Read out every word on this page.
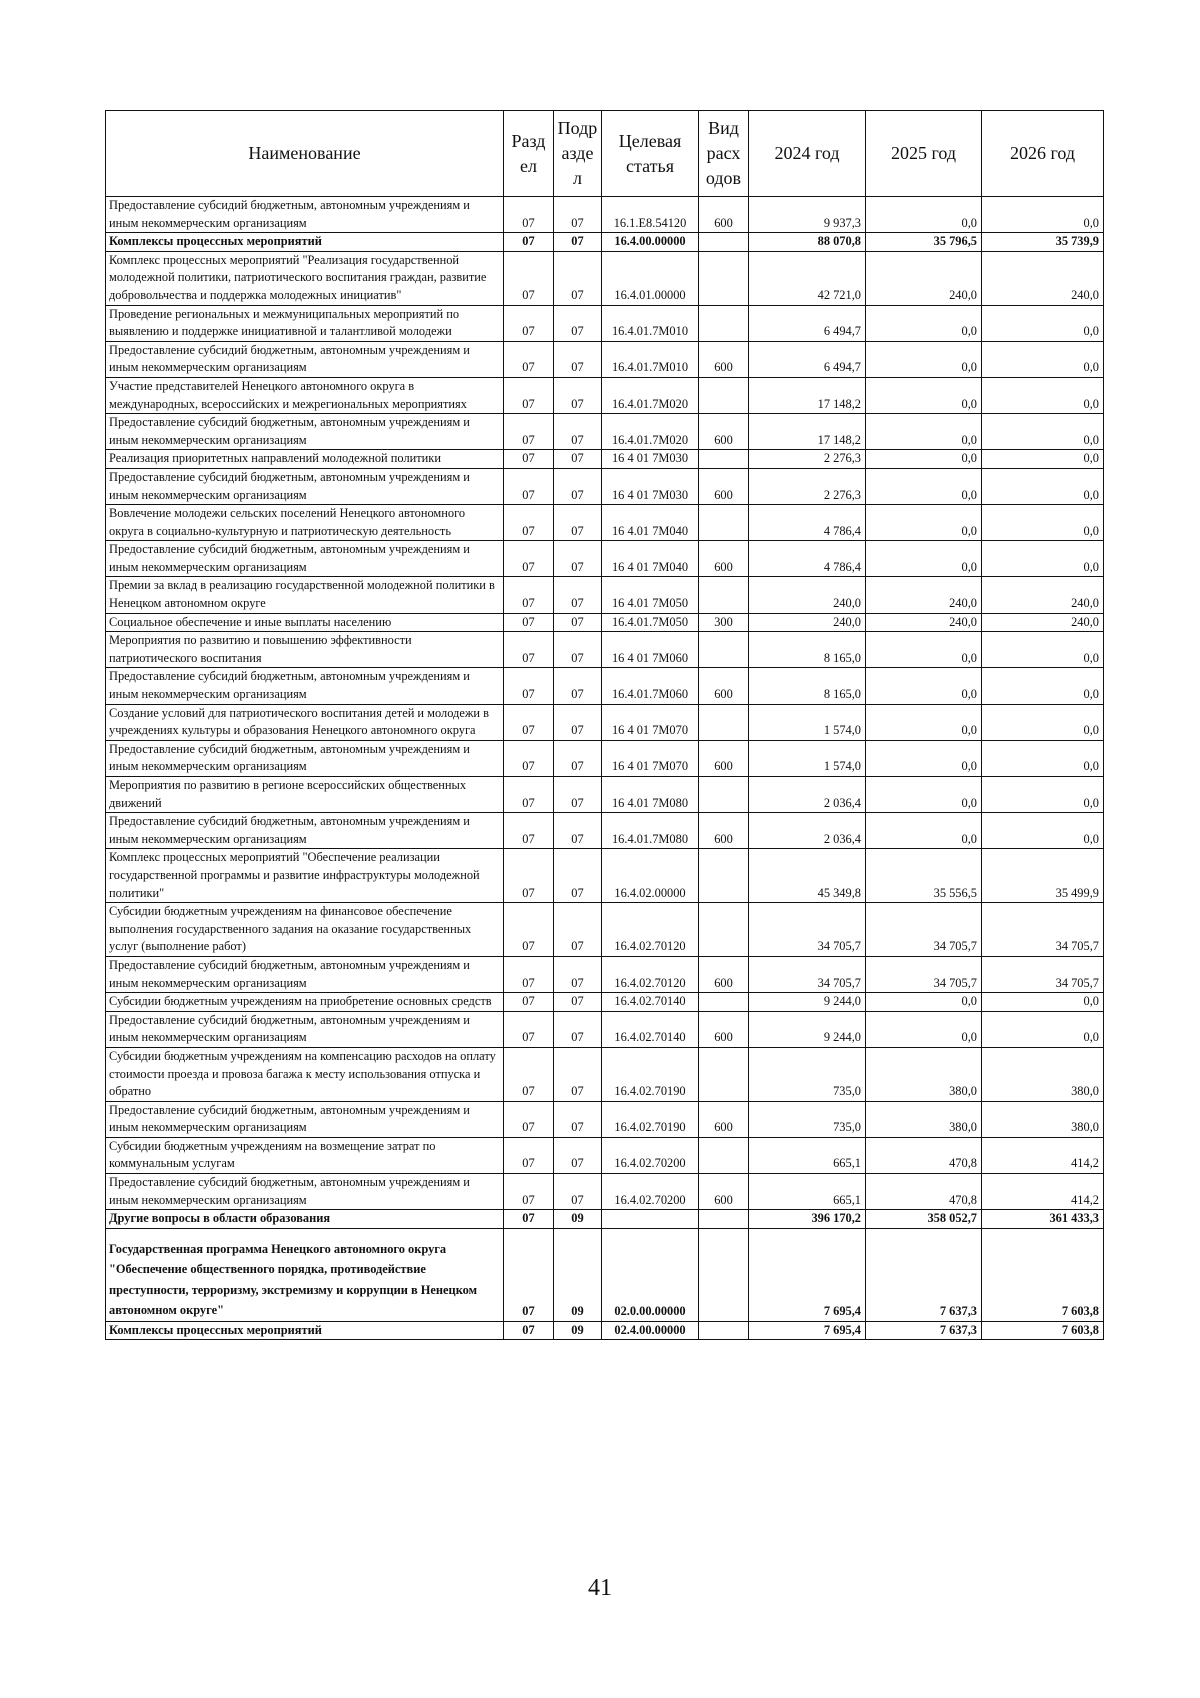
Наименование	Разд ел	Подр азде л	Целевая статья	Вид расх одов	2024 год	2025 год	2026 год
Предоставление субсидий бюджетным, автономным учреждениям и иным некоммерческим организациям	07	07	16.1.E8.54120	600	9 937,3	0,0	0,0
Комплексы процессных мероприятий	07	07	16.4.00.00000		88 070,8	35 796,5	35 739,9
Комплекс процессных мероприятий "Реализация государственной молодежной политики, патриотического воспитания граждан, развитие добровольчества и поддержка молодежных инициатив"	07	07	16.4.01.00000		42 721,0	240,0	240,0
Проведение региональных и межмуниципальных мероприятий по выявлению и поддержке инициативной и талантливой молодежи	07	07	16.4.01.7М010		6 494,7	0,0	0,0
Предоставление субсидий бюджетным, автономным учреждениям и иным некоммерческим организациям	07	07	16.4.01.7М010	600	6 494,7	0,0	0,0
Участие представителей Ненецкого автономного округа в международных, всероссийских и межрегиональных мероприятиях	07	07	16.4.01.7М020		17 148,2	0,0	0,0
Предоставление субсидий бюджетным, автономным учреждениям и иным некоммерческим организациям	07	07	16.4.01.7М020	600	17 148,2	0,0	0,0
Реализация приоритетных направлений молодежной политики	07	07	16 4 01 7М030		2 276,3	0,0	0,0
Предоставление субсидий бюджетным, автономным учреждениям и иным некоммерческим организациям	07	07	16 4 01 7М030	600	2 276,3	0,0	0,0
Вовлечение молодежи сельских поселений Ненецкого автономного округа в социально-культурную и патриотическую деятельность	07	07	16 4.01 7М040		4 786,4	0,0	0,0
Предоставление субсидий бюджетным, автономным учреждениям и иным некоммерческим организациям	07	07	16 4 01 7М040	600	4 786,4	0,0	0,0
Премии за вклад в реализацию государственной молодежной политики в Ненецком автономном округе	07	07	16 4.01 7М050		240,0	240,0	240,0
Социальное обеспечение и иные выплаты населению	07	07	16.4.01.7М050	300	240,0	240,0	240,0
Мероприятия по развитию и повышению эффективности патриотического воспитания	07	07	16 4 01 7М060		8 165,0	0,0	0,0
Предоставление субсидий бюджетным, автономным учреждениям и иным некоммерческим организациям	07	07	16.4.01.7М060	600	8 165,0	0,0	0,0
Создание условий для патриотического воспитания детей и молодежи в учреждениях культуры и образования Ненецкого автономного округа	07	07	16 4 01 7М070		1 574,0	0,0	0,0
Предоставление субсидий бюджетным, автономным учреждениям и иным некоммерческим организациям	07	07	16 4 01 7М070	600	1 574,0	0,0	0,0
Мероприятия по развитию в регионе всероссийских общественных движений	07	07	16 4.01 7М080		2 036,4	0,0	0,0
Предоставление субсидий бюджетным, автономным учреждениям и иным некоммерческим организациям	07	07	16.4.01.7М080	600	2 036,4	0,0	0,0
Комплекс процессных мероприятий "Обеспечение реализации государственной программы и развитие инфраструктуры молодежной политики"	07	07	16.4.02.00000		45 349,8	35 556,5	35 499,9
Субсидии бюджетным учреждениям на финансовое обеспечение выполнения государственного задания на оказание государственных услуг (выполнение работ)	07	07	16.4.02.70120		34 705,7	34 705,7	34 705,7
Предоставление субсидий бюджетным, автономным учреждениям и иным некоммерческим организациям	07	07	16.4.02.70120	600	34 705,7	34 705,7	34 705,7
Субсидии бюджетным учреждениям на приобретение основных средств	07	07	16.4.02.70140		9 244,0	0,0	0,0
Предоставление субсидий бюджетным, автономным учреждениям и иным некоммерческим организациям	07	07	16.4.02.70140	600	9 244,0	0,0	0,0
Субсидии бюджетным учреждениям на компенсацию расходов на оплату стоимости проезда и провоза багажа к месту использования отпуска и обратно	07	07	16.4.02.70190		735,0	380,0	380,0
Предоставление субсидий бюджетным, автономным учреждениям и иным некоммерческим организациям	07	07	16.4.02.70190	600	735,0	380,0	380,0
Субсидии бюджетным учреждениям на возмещение затрат по коммунальным услугам	07	07	16.4.02.70200		665,1	470,8	414,2
Предоставление субсидий бюджетным, автономным учреждениям и иным некоммерческим организациям	07	07	16.4.02.70200	600	665,1	470,8	414,2
Другие вопросы в области образования	07	09			396 170,2	358 052,7	361 433,3
Государственная программа Ненецкого автономного округа "Обеспечение общественного порядка, противодействие преступности, терроризму, экстремизму и коррупции в Ненецком автономном округе"	07	09	02.0.00.00000		7 695,4	7 637,3	7 603,8
Комплексы процессных мероприятий	07	09	02.4.00.00000		7 695,4	7 637,3	7 603,8
41
